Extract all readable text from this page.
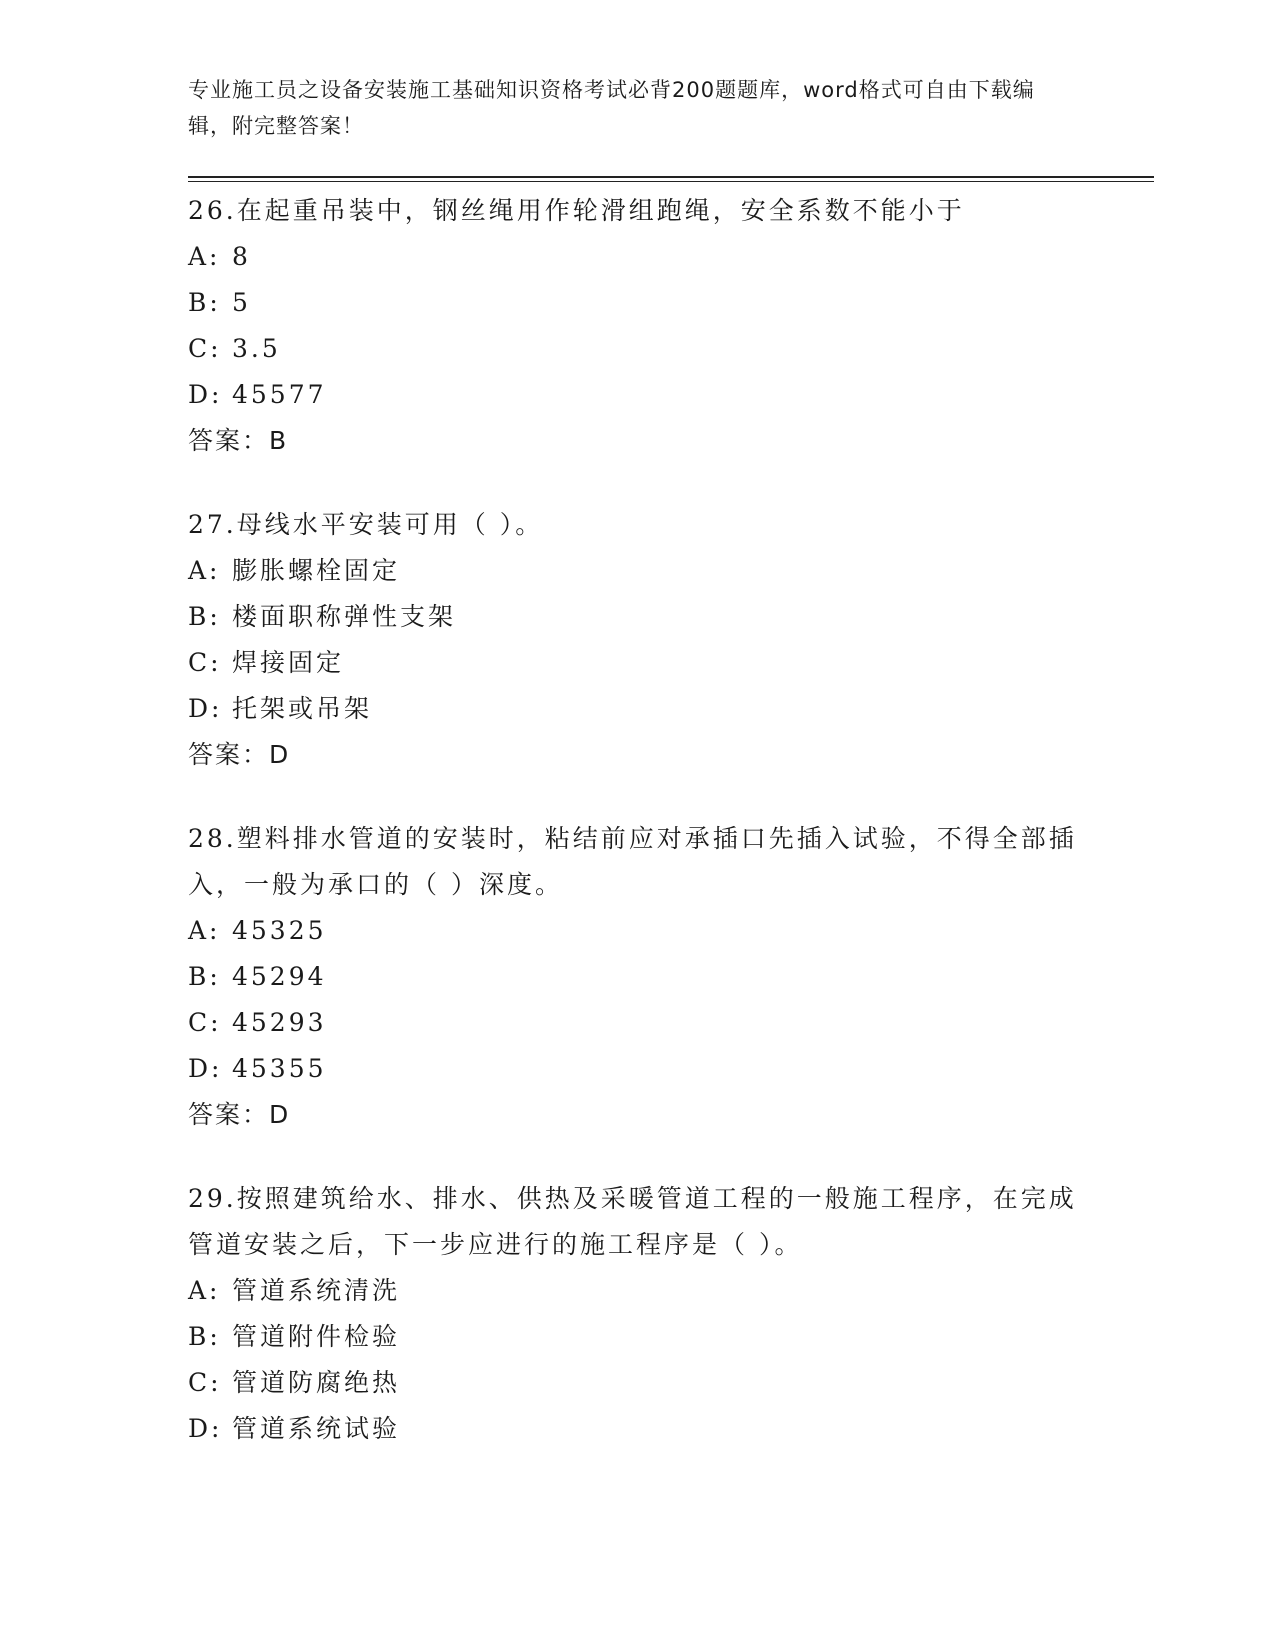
专业施工员之设备安装施工基础知识资格考试必背200题题库，word格式可自由下载编辑，附完整答案！

26.在起重吊装中，钢丝绳用作轮滑组跑绳，安全系数不能小于

A: 8
B: 5
C: 3.5
D: 45577

答案：B

27.母线水平安装可用（ ）。

A: 膨胀螺栓固定
B: 楼面职称弹性支架
C: 焊接固定
D: 托架或吊架

答案：D

28.塑料排水管道的安装时，粘结前应对承插口先插入试验，不得全部插入，一般为承口的（ ）深度。

A: 45325
B: 45294
C: 45293
D: 45355

答案：D

29.按照建筑给水、排水、供热及采暖管道工程的一般施工程序，在完成管道安装之后，下一步应进行的施工程序是（ ）。

A: 管道系统清洗
B: 管道附件检验
C: 管道防腐绝热
D: 管道系统试验
